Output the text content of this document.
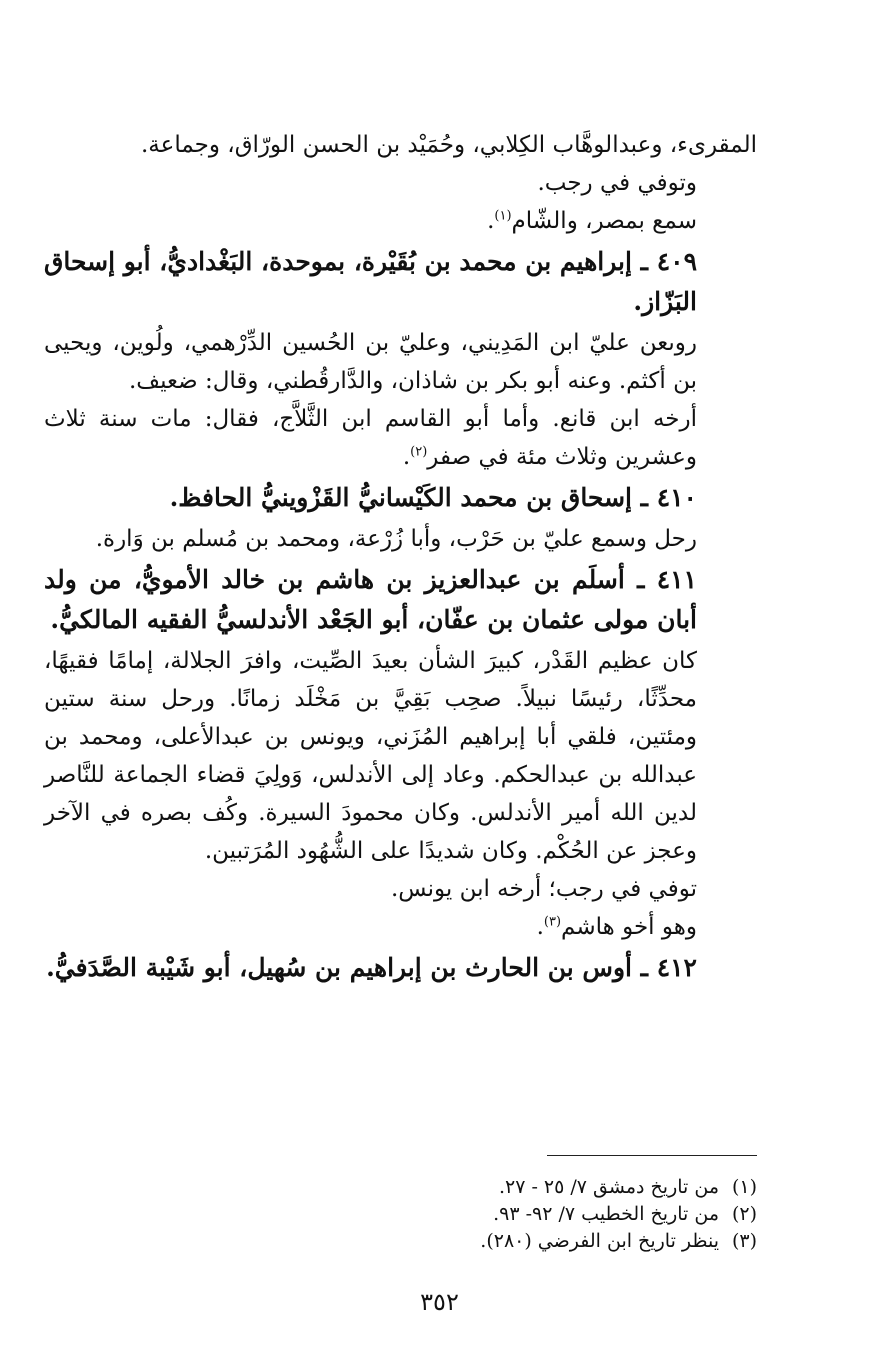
المقرىء، وعبدالوهَّاب الكِلابي، وحُمَيْد بن الحسن الورّاق، وجماعة.

وتوفي في رجب.

سمع بمصر، والشّام$^{(١)}$.

٤٠٩ ـ إبراهيم بن محمد بن بُقَيْرة، بموحدة، البَغْداديُّ، أبو إسحاق البَزّاز.

روىعن عليّ ابن المَدِيني، وعليّ بن الحُسين الدِّرْهمي، ولُوين، ويحيى بن أكثم. وعنه أبو بكر بن شاذان، والدَّارقُطني، وقال: ضعيف.

أرخه ابن قانع. وأما أبو القاسم ابن الثَّلاَّج، فقال: مات سنة ثلاث وعشرين وثلاث مئة في صفر$^{(٢)}$.

٤١٠ ـ إسحاق بن محمد الكَيْسانيُّ القَزْوينيُّ الحافظ.

رحل وسمع عليّ بن حَرْب، وأبا زُرْعة، ومحمد بن مُسلم بن وَارة.

٤١١ ـ أسلَم بن عبدالعزيز بن هاشم بن خالد الأمويُّ، من ولد أبان مولى عثمان بن عفّان، أبو الجَعْد الأندلسيُّ الفقيه المالكيُّ.

كان عظيم القَدْر، كبيرَ الشأن بعيدَ الصِّيت، وافرَ الجلالة، إمامًا فقيهًا، محدِّثًا، رئيسًا نبيلاً. صحِب بَقِيَّ بن مَخْلَد زمانًا. ورحل سنة ستين ومئتين، فلقي أبا إبراهيم المُزَني، ويونس بن عبدالأعلى، ومحمد بن عبدالله بن عبدالحكم. وعاد إلى الأندلس، وَولِيَ قضاء الجماعة للنَّاصر لدين الله أمير الأندلس. وكان محمودَ السيرة. وكُف بصره في الآخر وعجز عن الحُكْم. وكان شديدًا على الشُّهُود المُرَتبين.

توفي في رجب؛ أرخه ابن يونس.

وهو أخو هاشم$^{(٣)}$.

٤١٢ ـ أوس بن الحارث بن إبراهيم بن سُهيل، أبو شَيْبة الصَّدَفيُّ.

(١)من تاريخ دمشق ٧/ ٢٥ - ٢٧.
(٢)من تاريخ الخطيب ٧/ ٩٢- ٩٣.
(٣)ينظر تاريخ ابن الفرضي (٢٨٠).
٣٥٢
